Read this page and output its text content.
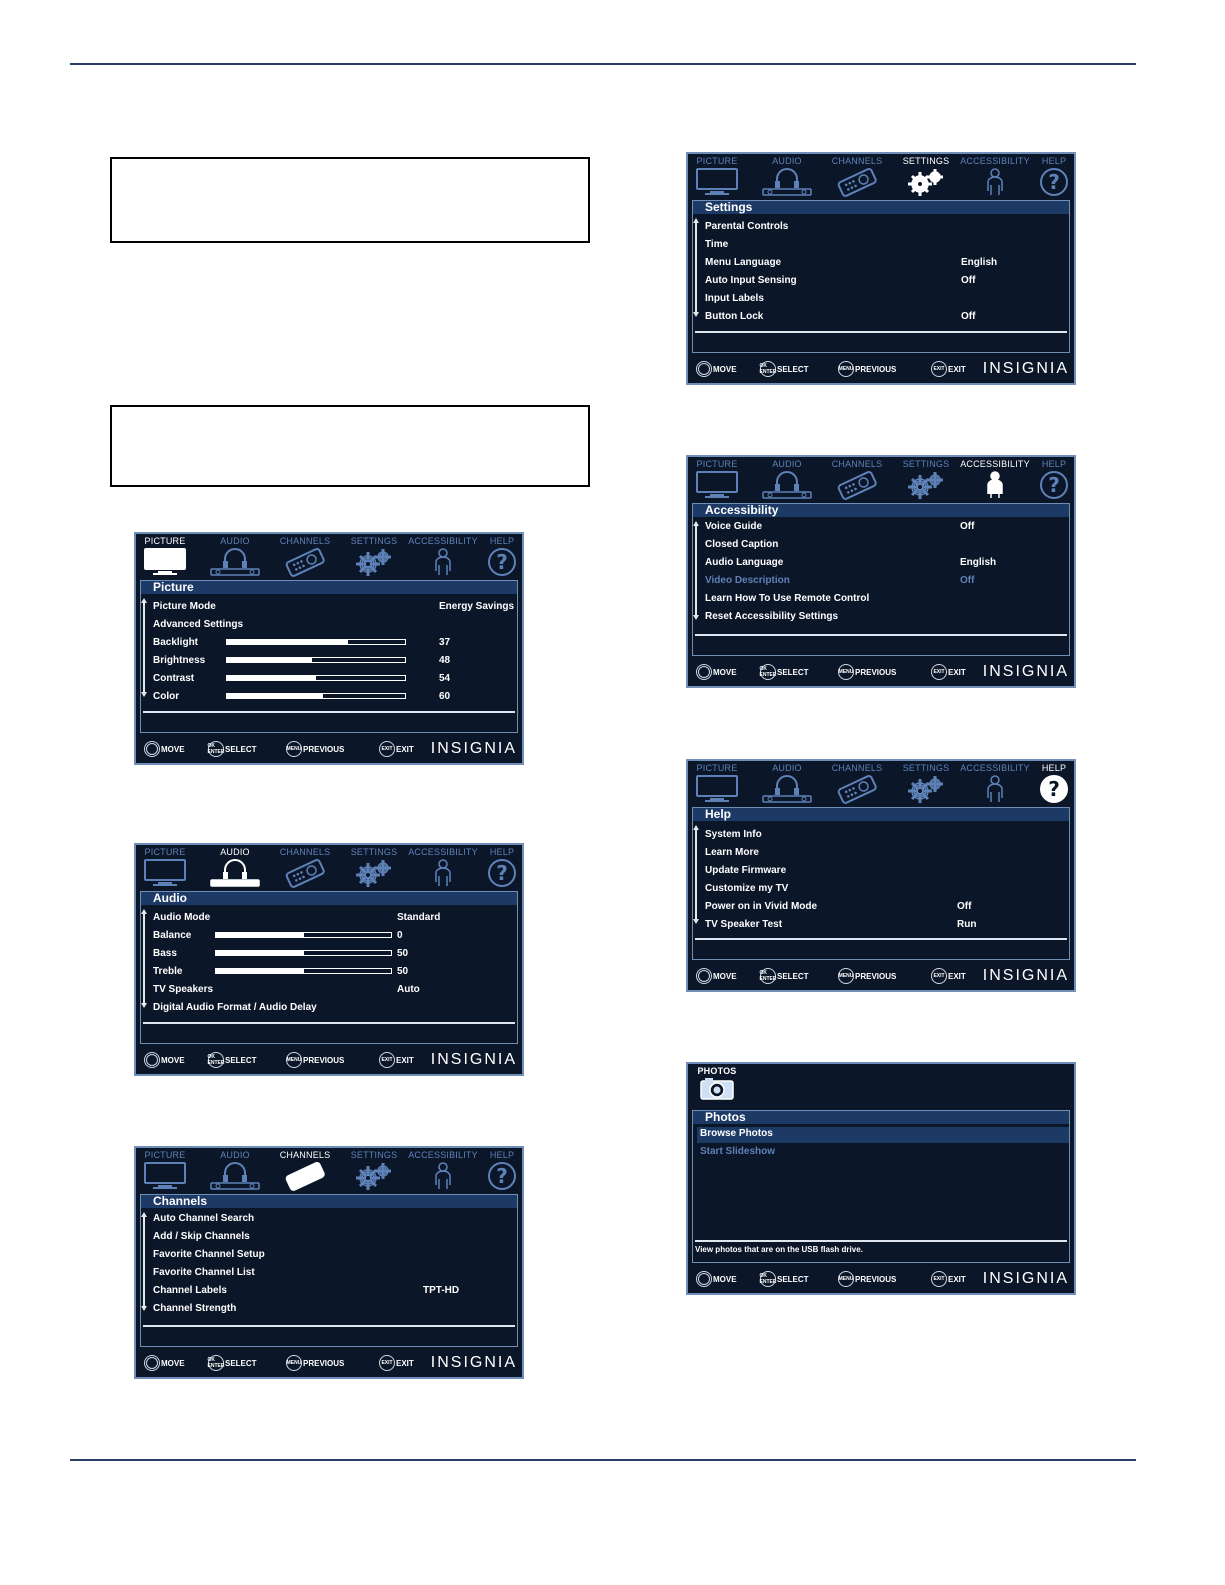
PICTURE	AUDIO	CHANNELS	SETTINGS	ACCESSIBILITY	HELP
?
Picture
Picture Mode	Energy Savings
Advanced Settings
Backlight	37
Brightness	48
Contrast	54
Color	60
MOVE	OK ENTER SELECT	MENU PREVIOUS	EXIT EXIT INSIGNIA
PICTURE	AUDIO	CHANNELS	SETTINGS	ACCESSIBILITY	HELP
?
Audio
Audio Mode	Standard
Balance	0
Bass	50
Treble	50
TV Speakers	Auto
Digital Audio Format / Audio Delay
MOVE	OK ENTER SELECT	MENU PREVIOUS	EXIT EXIT INSIGNIA
PICTURE	AUDIO	CHANNELS	SETTINGS	ACCESSIBILITY	HELP
?
Channels
Auto Channel Search
Add / Skip Channels
Favorite Channel Setup
Favorite Channel List
Channel Labels	TPT-HD
Channel Strength
MOVE	OK ENTER SELECT	MENU PREVIOUS	EXIT EXIT INSIGNIA
PICTURE	AUDIO	CHANNELS	SETTINGS	ACCESSIBILITY	HELP
?
Settings
Parental Controls
Time
Menu Language	English
Auto Input Sensing	Off
Input Labels
Button Lock	Off
MOVE	OK ENTER SELECT	MENU PREVIOUS	EXIT EXIT INSIGNIA
PICTURE	AUDIO	CHANNELS	SETTINGS	ACCESSIBILITY	HELP
?
Accessibility
Voice Guide	Off
Closed Caption
Audio Language	English
Video Description	Off
Learn How To Use Remote Control
Reset Accessibility Settings
MOVE	OK ENTER SELECT	MENU PREVIOUS	EXIT EXIT INSIGNIA
PICTURE	AUDIO	CHANNELS	SETTINGS	ACCESSIBILITY	HELP
?
Help
System Info
Learn More
Update Firmware
Customize my TV
Power on in Vivid Mode	Off
TV Speaker Test	Run
MOVE	OK ENTER SELECT	MENU PREVIOUS	EXIT EXIT INSIGNIA
PHOTOS
Photos
Browse Photos
Start Slideshow
View photos that are on the USB flash drive.
MOVE	OK ENTER SELECT	MENU PREVIOUS	EXIT EXIT INSIGNIA
